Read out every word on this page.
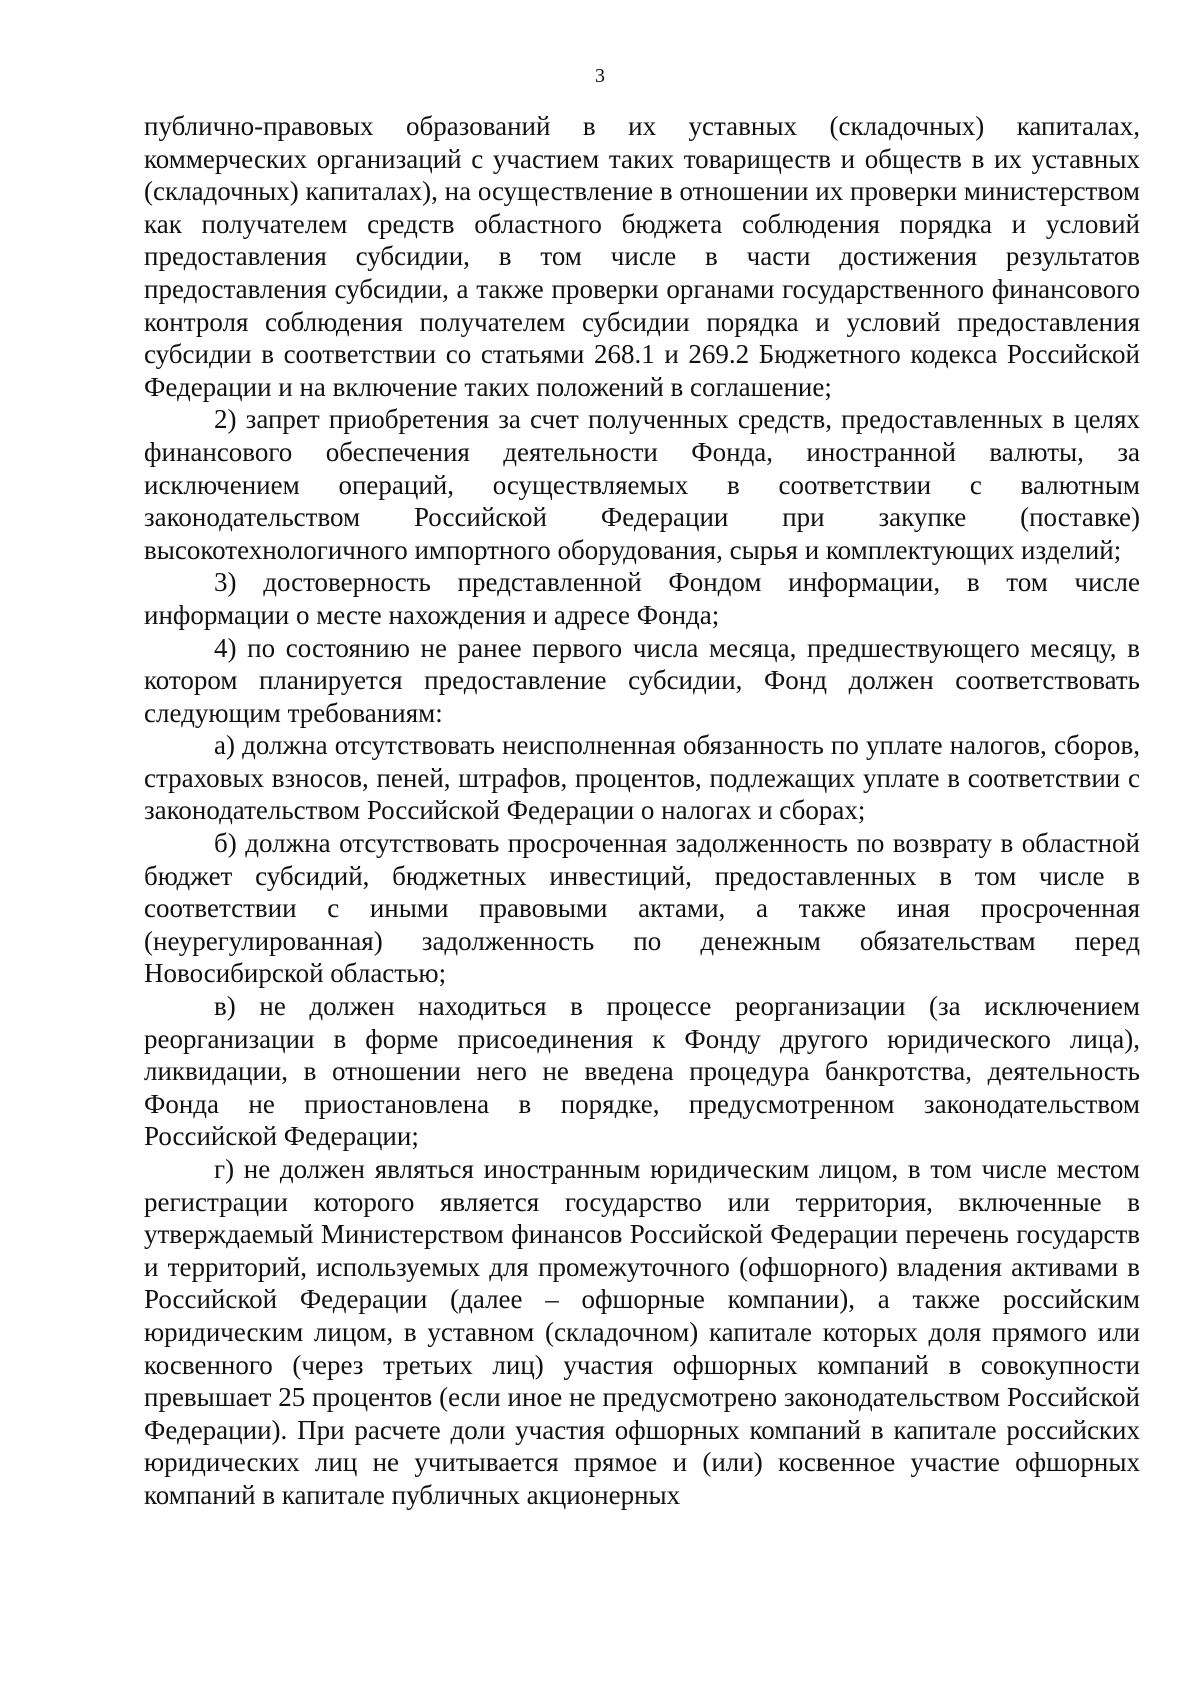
3

публично-правовых образований в их уставных (складочных) капиталах, коммерческих организаций с участием таких товариществ и обществ в их уставных (складочных) капиталах), на осуществление в отношении их проверки министерством как получателем средств областного бюджета соблюдения порядка и условий предоставления субсидии, в том числе в части достижения результатов предоставления субсидии, а также проверки органами государственного финансового контроля соблюдения получателем субсидии порядка и условий предоставления субсидии в соответствии со статьями 268.1 и 269.2 Бюджетного кодекса Российской Федерации и на включение таких положений в соглашение;

2) запрет приобретения за счет полученных средств, предоставленных в целях финансового обеспечения деятельности Фонда, иностранной валюты, за исключением операций, осуществляемых в соответствии с валютным законодательством Российской Федерации при закупке (поставке) высокотехнологичного импортного оборудования, сырья и комплектующих изделий;

3) достоверность представленной Фондом информации, в том числе информации о месте нахождения и адресе Фонда;

4) по состоянию не ранее первого числа месяца, предшествующего месяцу, в котором планируется предоставление субсидии, Фонд должен соответствовать следующим требованиям:

а) должна отсутствовать неисполненная обязанность по уплате налогов, сборов, страховых взносов, пеней, штрафов, процентов, подлежащих уплате в соответствии с законодательством Российской Федерации о налогах и сборах;

б) должна отсутствовать просроченная задолженность по возврату в областной бюджет субсидий, бюджетных инвестиций, предоставленных в том числе в соответствии с иными правовыми актами, а также иная просроченная (неурегулированная) задолженность по денежным обязательствам перед Новосибирской областью;

в) не должен находиться в процессе реорганизации (за исключением реорганизации в форме присоединения к Фонду другого юридического лица), ликвидации, в отношении него не введена процедура банкротства, деятельность Фонда не приостановлена в порядке, предусмотренном законодательством Российской Федерации;

г) не должен являться иностранным юридическим лицом, в том числе местом регистрации которого является государство или территория, включенные в утверждаемый Министерством финансов Российской Федерации перечень государств и территорий, используемых для промежуточного (офшорного) владения активами в Российской Федерации (далее – офшорные компании), а также российским юридическим лицом, в уставном (складочном) капитале которых доля прямого или косвенного (через третьих лиц) участия офшорных компаний в совокупности превышает 25 процентов (если иное не предусмотрено законодательством Российской Федерации). При расчете доли участия офшорных компаний в капитале российских юридических лиц не учитывается прямое и (или) косвенное участие офшорных компаний в капитале публичных акционерных
